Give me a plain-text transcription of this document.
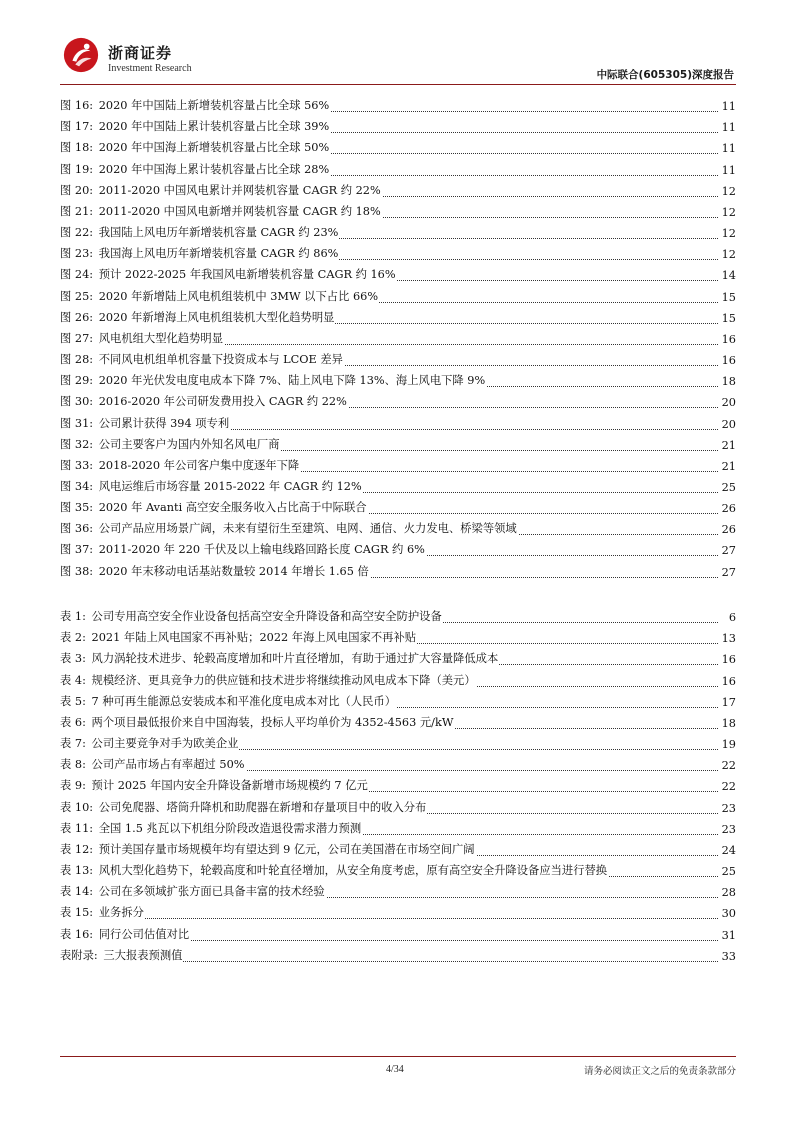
浙商证券
Investment Research
中际联合(605305)深度报告
图 16:  2020 年中国陆上新增装机容量占比全球 56%	11
图 17:  2020 年中国陆上累计装机容量占比全球 39%	11
图 18:  2020 年中国海上新增装机容量占比全球 50%	11
图 19:  2020 年中国海上累计装机容量占比全球 28%	11
图 20:  2011-2020 中国风电累计并网装机容量 CAGR 约 22%	12
图 21:  2011-2020 中国风电新增并网装机容量 CAGR 约 18%	12
图 22:  我国陆上风电历年新增装机容量 CAGR 约 23%	12
图 23:  我国海上风电历年新增装机容量 CAGR 约 86%	12
图 24:  预计 2022-2025 年我国风电新增装机容量 CAGR 约 16%	14
图 25:  2020 年新增陆上风电机组装机中 3MW 以下占比 66%	15
图 26:  2020 年新增海上风电机组装机大型化趋势明显	15
图 27:  风电机组大型化趋势明显	16
图 28:  不同风电机组单机容量下投资成本与 LCOE 差异	16
图 29:  2020 年光伏发电度电成本下降 7%、陆上风电下降 13%、海上风电下降 9%	18
图 30:  2016-2020 年公司研发费用投入 CAGR 约 22%	20
图 31:  公司累计获得 394 项专利	20
图 32:  公司主要客户为国内外知名风电厂商	21
图 33:  2018-2020 年公司客户集中度逐年下降	21
图 34:  风电运维后市场容量 2015-2022 年 CAGR 约 12%	25
图 35:  2020 年 Avanti 高空安全服务收入占比高于中际联合	26
图 36:  公司产品应用场景广阔，未来有望衍生至建筑、电网、通信、火力发电、桥梁等领域	26
图 37:  2011-2020 年 220 千伏及以上输电线路回路长度 CAGR 约 6%	27
图 38:  2020 年末移动电话基站数量较 2014 年增长 1.65 倍	27
表 1:  公司专用高空安全作业设备包括高空安全升降设备和高空安全防护设备	6
表 2:  2021 年陆上风电国家不再补贴；2022 年海上风电国家不再补贴	13
表 3:  风力涡轮技术进步、轮毂高度增加和叶片直径增加，有助于通过扩大容量降低成本	16
表 4:  规模经济、更具竞争力的供应链和技术进步将继续推动风电成本下降（美元）	16
表 5:  7 种可再生能源总安装成本和平准化度电成本对比（人民币）	17
表 6:  两个项目最低报价来自中国海装，投标人平均单价为 4352-4563 元/kW	18
表 7:  公司主要竞争对手为欧美企业	19
表 8:  公司产品市场占有率超过 50%	22
表 9:  预计 2025 年国内安全升降设备新增市场规模约 7 亿元	22
表 10:  公司免爬器、塔筒升降机和助爬器在新增和存量项目中的收入分布	23
表 11:  全国 1.5 兆瓦以下机组分阶段改造退役需求潜力预测	23
表 12:  预计美国存量市场规模年均有望达到 9 亿元，公司在美国潜在市场空间广阔	24
表 13:  风机大型化趋势下，轮毂高度和叶轮直径增加，从安全角度考虑，原有高空安全升降设备应当进行替换	25
表 14:  公司在多领域扩张方面已具备丰富的技术经验	28
表 15:  业务拆分	30
表 16:  同行公司估值对比	31
表附录:  三大报表预测值	33
4/34	请务必阅读正文之后的免责条款部分
